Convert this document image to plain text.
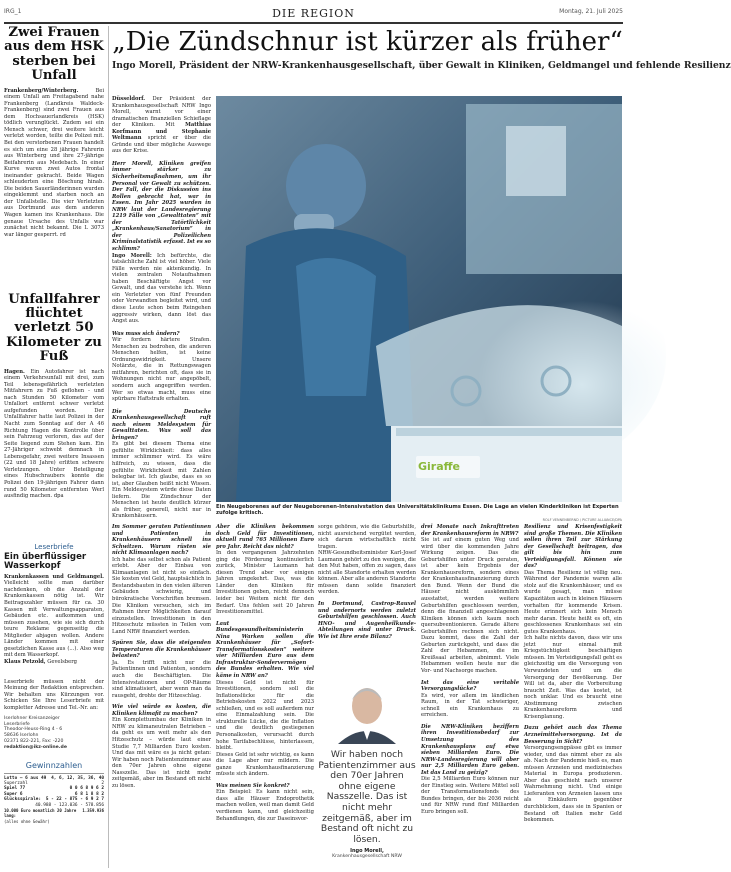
IRG_1	DIE REGION	Montag, 21. Juli 2025
Zwei Frauen aus dem HSK sterben bei Unfall
Frankenberg/Winterberg.	Bei einem Unfall am Freitagabend nahe Frankenberg (Landkreis Waldeck-Frankenberg) sind zwei Frauen aus dem Hochsauerlandkreis (HSK) tödlich verunglückt. Zudem sei ein Mensch schwer, drei weitere leicht verletzt worden, teilte die Polizei mit. Bei den verstorbenen Frauen handelt es sich um eine 28 jährige Fahrerin aus Winterberg und ihre 27-jährige Beifahrerin aus Medebach. In einer Kurve waren zwei Autos frontal ineinander gekracht. Beide Wagen schleuderten eine Böschung hinab. Die beiden Sauerländerinnen wurden eingeklemmt und starben noch an der Unfallstelle. Die vier Verletzten aus Dortmund aus dem anderen Wagen kamen ins Krankenhaus. Die genaue Ursache des Unfalls war zunächst nicht bekannt. Die L 3073 war länger gesperrt. rd
Unfallfahrer flüchtet verletzt 50 Kilometer zu Fuß
Hagen. Ein Autofahrer ist nach einem Verkehrsunfall mit drei, zum Teil lebensgefährlich verletzten Mitfahrern zu Fuß geflohen - und nach Stunden 50 Kilometer vom Unfallort entfernt schwer verletzt aufgefunden worden. Der Unfallfahrer hatte laut Polizei in der Nacht zum Sonntag auf der A 46 Richtung Hagen die Kontrolle über sein Fahrzeug verloren, das auf der Seite liegend zum Stehen kam. Ein 27-Jähriger schwebt demnach in Lebensgefahr, zwei weitere Insassen (22 und 18 Jahre) erlitten schwere Verletzungen. Unter Beteiligung eines Hubschraubers konnte die Polizei den 19-jährigen Fahrer dann rund 50 Kilometer entfernten Werl ausfindig machen. dpa
Leserbriefe
Ein überflüssiger Wasserkopf
Krankenkassen und Geldmangel. Vielleicht sollte man darüber nachdenken, ob die Anzahl der Krankenkassen nötig ist. Wir Beitragszahler müssen für ca. 30 Kassen mit Verwaltungsapparaten, Gebäuden etc. aufkommen und müssen zusehen, wie sie sich durch teure Reklame gegenseitig die Mitglieder abjagen wollen. Andere Länder kommen mit einer gesetzlichen Kasse aus (...). Also weg mit dem Wasserkopf.
Klaus Petzold, Gevelsberg
Leserbriefe müssen nicht der Meinung der Redaktion entsprechen. Wir behalten uns Kürzungen vor. Schicken Sie Ihre Leserbriefe mit kompletter Adresse und Tel.-Nr. an:
Iserlohner Kreisanzeiger
Leserbriefe
Theodor-Heuss-Ring 4 - 6
58636 Iserlohn
02371 822-221, Fax: -220
redaktion@ikz-online.de
Gewinnzahlen
Lotto – 6 aus 49 4, 6, 12, 35, 36, 40
Superzahl	2
Spiel 77	0 0 6 8 9 6 2
Super 6	6 8 1 8 8 2
Glücksspirale: 5 - 22 - 875 - 6 9 2 7
40.988 - 123.036 - 578.856
10.000 Euro monatlich 20 Jahre lang:
1.359.936
(alles ohne Gewähr)
„Die Zündschnur ist kürzer als früher“
Ingo Morell, Präsident der NRW-Krankenhausgesellschaft, über Gewalt in Kliniken, Geldmangel und fehlende Resilienz

Düsseldorf. Der Präsident der Krankenhausgesellschaft NRW Ingo Morell, warnt vor einer dramatischen finanziellen Schieflage der Kliniken. Mit Matthias Korfmann und Stephanie Weltmann spricht er über die Gründe und über mögliche Auswege aus der Krise.

Herr Morell, Kliniken greifen immer stärker zu Sicherheitsmaßnahmen, um ihr Personal vor Gewalt zu schützen. Der Fall, der die Diskussion ins Rollen gebracht hat, war in Essen. Im Jahr 2025 wurden in NRW laut der Landesregierung 1219 Fälle von „Gewalttaten“ mit der Tatörtlichkeit „Krankenhaus/Sanatorium“ in der Polizeilichen Kriminalstatistik erfasst. Ist es so schlimm?

Ingo Morell: Ich befürchte, die tatsächliche Zahl ist viel höher. Viele Fälle werden nie aktenkundig. In vielen zentralen Notaufnahmen haben Beschäftigte Angst vor Gewalt, und das verstehe ich. Wenn ein Verletzter von fünf Freunden oder Verwandten begleitet wird, und diese Leute schon beim Reingehen aggressiv wirken, dann löst das Angst aus.

Was muss sich ändern?

Wir fordern härtere Strafen. Menschen zu bedrohen, die anderen Menschen helfen, ist keine Ordnungswidrigkeit. Unsere Notärzte, die in Rettungswagen mitfahren, berichten oft, dass sie in Wohnungen nicht nur angepöbelt, sondern auch angegriffen werden. Wer so etwas macht, muss eine spürbare Haftstrafe erhalten.

Die Deutsche Krankenhausgesellschaft ruft nach einem Meldesystem für Gewalttaten. Was soll das bringen?

Es gibt bei diesem Thema eine gefühlte Wirklichkeit: dass alles immer schlimmer wird. Es wäre hilfreich, zu wissen, dass die gefühlte Wirklichkeit mit Zahlen belegbar ist. Ich glaube, dass es so ist, aber Glauben heißt nicht Wissen. Ein Meldesystem würde diese Daten liefern. Die Zündschnur der Menschen ist heute deutlich kürzer als früher, generell, nicht nur in Krankenhäusern.

Giraffe
Ein Neugeborenes auf der Neugeborenen-Intensivstation des Universitätsklinikums Essen. Die Lage an vielen Kinderkliniken ist Experten zufolge kritisch.
ROLF VENNENBERND / PICTURE ALLIANCE/DPA

Im Sommer geraten Patientinnen und Patienten in Krankenhäusern schnell ins Schwitzen. Warum rüsten sie nicht Klimaanlagen nach?

Ich habe das selbst schon als Patient erlebt. Aber der Einbau von Klimaanlagen ist nicht so einfach. Sie kosten viel Geld, hauptsächlich in Bestandsbauten in den vielen älteren Gebäuden schwierig, und bürokratische Vorschriften bremsen. Die Kliniken versuchen, sich im Rahmen ihrer Möglichkeiten darauf einzustellen. Investitionen in den Hitzeschutz müssten in Teilen vom Land NRW finanziert werden.

Spüren Sie, dass die steigenden Temperaturen die Krankenhäuser belasten?

Ja. Es trifft nicht nur die Patientinnen und Patienten, sondern auch die Beschäftigten. Die Intensivstationen und OP-Räume sind klimatisiert, aber wenn man da rausgeht, drohte der Hitzeschlag.

Wie viel würde es kosten, die Kliniken klimafit zu machen?

Ein Komplettumbau der Kliniken in NRW zu klimaneutralen Betrieben – da geht es um weit mehr als den Hitzeschutz – würde laut einer Studie 7,7 Milliarden Euro kosten. Und das mit wäre es ja nicht getan: Wir haben noch Patientenzimmer aus den 70er Jahren ohne eigene Nasszelle. Das ist nicht mehr zeitgemäß, aber im Bestand oft nicht zu lösen.

Aber die Kliniken bekommen doch Geld für Investitionen, aktuell rund 765 Millionen Euro pro Jahr. Reicht das nicht?

In den vergangenen Jahrzehnten ging die Förderung kontinuierlich zurück, Minister Laumann hat diesen Trend aber vor einigen Jahren umgekehrt. Das, was die Länder den Kliniken für Investitionen geben, reicht dennoch leider bei Weitem nicht für den Bedarf. Uns fehlen seit 20 Jahren Investitionsmittel.

Laut Bundesgesundheitsministerin Nina Warken sollen die Krankenhäuser für „Sofort-Transformationskosten“ weitere vier Milliarden Euro aus dem Infrastruktur-Sondervermögen des Bundes erhalten. Wie viel käme in NRW an?

Dieses Geld ist nicht für Investitionen, sondern soll die Inflationslücke für die Betriebskosten 2022 und 2023 schließen, und es soll außerdem nur eine Einmalzahlung sein. Die strukturelle Lücke, die die Inflation und die deutlich gestiegenen Personalkosten, verursacht durch hohe Tarifabschlüsse, hinterlassen, bleibt.

Dieses Geld ist sehr wichtig, es kann die Lage aber nur mildern. Die ganze Krankenhausfinanzierung müsste sich ändern.

Was meinen Sie konkret?

Ein Beispiel: Es kann nicht sein, dass alle Häuser Endoprothetik machen wollen, weil man damit Geld verdienen kann, und gleichzeitig Behandlungen, die zur Daseinsvor-

sorge gehören, wie die Geburtshilfe, nicht ausreichend vergütet werden, sich darum wirtschaftlich nicht tragen.

NRW-Gesundheitsminister Karl-Josef Laumann gehört zu den wenigen, die den Mut haben, offen zu sagen, dass nicht alle Standorte erhalten werden können. Aber alle anderen Standorte müssen dann solide finanziert werden.

In Dortmund, Castrop-Rauxel und andernorts werden zuletzt Geburtshilfen geschlossen. Auch HNO- und Augenheilkunde-Abteilungen sind unter Druck. Wie ist Ihre erste Bilanz?

Wir haben noch Patientenzimmer aus den 70er Jahren ohne eigene Nasszelle. Das ist nicht mehr zeitgemäß, aber im Bestand oft nicht zu lösen.
Ingo Morell,
Krankenhausgesellschaft NRW

drei Monate nach Inkrafttreten der Krankenhausreform in NRW?

Sie ist auf einem guten Weg und wird über die kommenden Jahre Wirkung zeigen. Das die Geburtshilfen unter Druck geraten, ist aber kein Ergebnis der Krankenhausreform, sondern eines der Krankenhausfinanzierung durch den Bund. Wenn der Bund die Häuser nicht auskömmlich ausstattet, werden weitere Geburtshilfen geschlossen werden, denn die finanziell angeschlagenen Kliniken können sich kaum noch quersubventionieren. Gerade ältere Geburtshilfen rechnen sich nicht. Dazu kommt, dass die Zahl der Geburten zurückgeht, und dass die Zahl der Hebammen, die im Kreißsaal arbeiten, abnimmt. Viele Hebammen wollen heute nur die Vor- und Nachsorge machen.

Ist das eine veritable Versorgungslücke?

Es wird, vor allem im ländlichen Raum, in der Tat schwieriger, schnell ein Krankenhaus zu erreichen.

Die NRW-Kliniken beziffern ihren Investitionsbedarf zur Umsetzung des Krankenhausplans auf etwa sieben Milliarden Euro. Die NRW-Landesregierung will aber nur 2,5 Milliarden Euro geben. Ist das Land zu geizig?

Die 2,5 Milliarden Euro können nur der Einstieg sein. Weitere Mittel soll der Transformationsfonds des Bundes bringen, der bis 2036 reicht und für NRW rund fünf Milliarden Euro bringen soll.

Resilienz und Krisenfestigkeit sind große Themen. Die Kliniken sollen ihren Teil zur Stärkung der Gesellschaft beitragen, das gilt bis hin zum Verteidigungsfall. Können sie das?

Das Thema Resilienz ist völlig neu. Während der Pandemie waren alle stolz auf die Krankenhäuser, und es wurde gesagt, man müsse Kapazitäten auch in kleinen Häusern vorhalten für kommende Krisen. Heute erinnert sich kein Mensch mehr daran. Heute heißt es oft, ein geschlossenes Krankenhaus sei ein gutes Krankenhaus.

Ich halte nichts davon, dass wir uns jetzt nur einmal mit Kriegstüchtigkeit beschäftigen müssen. Im Verteidigungsfall geht es gleichzeitig um die Versorgung von Verwundeten und um die Versorgung der Bevölkerung. Der Will ist da, aber die Vorbereitung braucht Zeit. Was das kostet, ist noch unklar. Und es braucht eine Abstimmung zwischen Krankenhausreform und Krisenplanung.

Dazu gehört auch das Thema Arzneimittelversorgung. Ist da Besserung in Sicht?

Versorgungsengpässe gibt es immer wieder, und das nimmt eher zu als ab. Nach der Pandemie hieß es, man müssen Arzneien und medizinisches Material in Europa produzieren. Aber das geschieht nach unserer Wahrnehmung nicht. Und einige Lieferanten von Arzneien lassen uns als Einkäufern gegenüber durchblicken, dass sie in Spanien or Bestand oft Italien mehr Geld bekommen.
